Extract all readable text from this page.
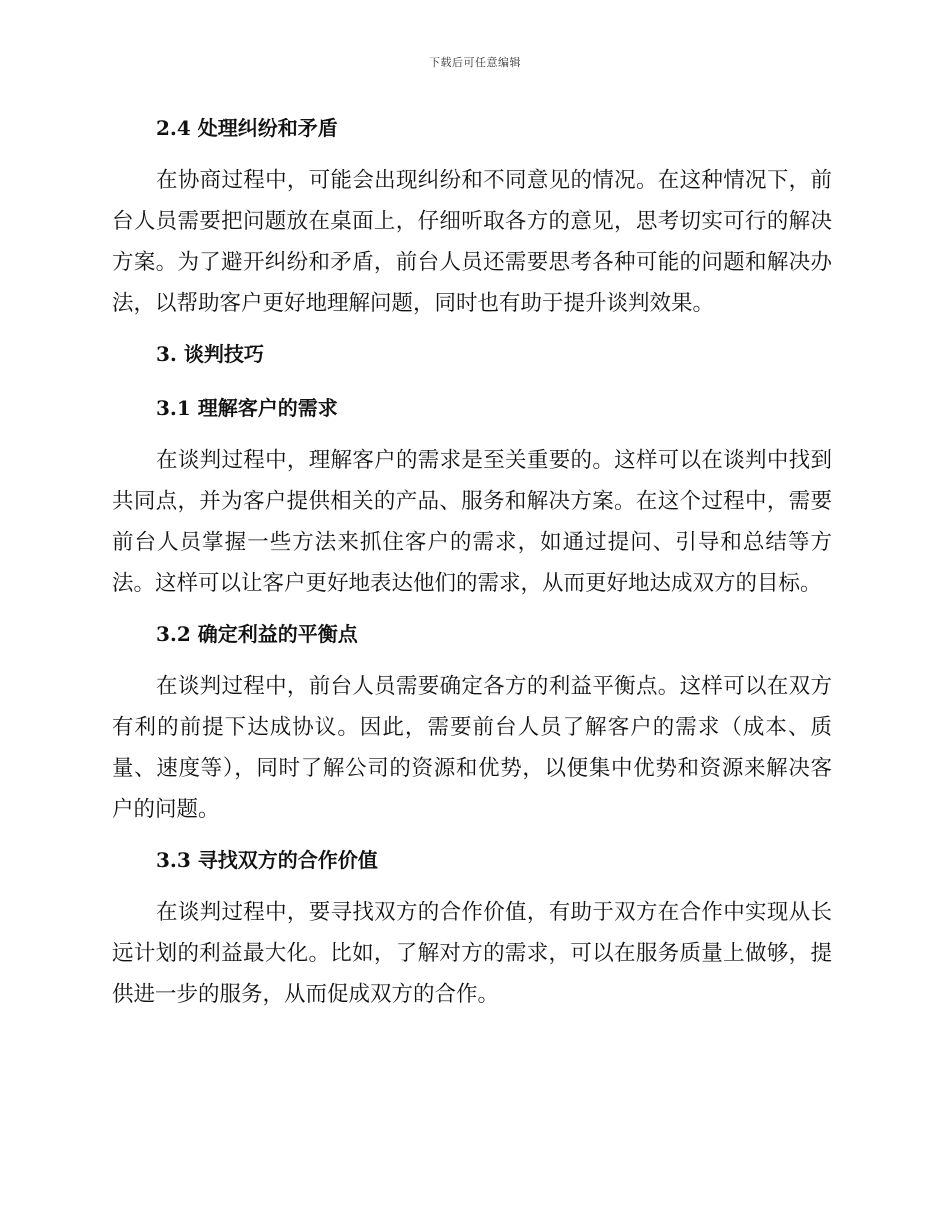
下载后可任意编辑
2.4 处理纠纷和矛盾

在协商过程中，可能会出现纠纷和不同意见的情况。在这种情况下，前台人员需要把问题放在桌面上，仔细听取各方的意见，思考切实可行的解决方案。为了避开纠纷和矛盾，前台人员还需要思考各种可能的问题和解决办法，以帮助客户更好地理解问题，同时也有助于提升谈判效果。

3. 谈判技巧
3.1 理解客户的需求

在谈判过程中，理解客户的需求是至关重要的。这样可以在谈判中找到共同点，并为客户提供相关的产品、服务和解决方案。在这个过程中，需要前台人员掌握一些方法来抓住客户的需求，如通过提问、引导和总结等方法。这样可以让客户更好地表达他们的需求，从而更好地达成双方的目标。

3.2 确定利益的平衡点

在谈判过程中，前台人员需要确定各方的利益平衡点。这样可以在双方有利的前提下达成协议。因此，需要前台人员了解客户的需求（成本、质量、速度等），同时了解公司的资源和优势，以便集中优势和资源来解决客户的问题。

3.3 寻找双方的合作价值

在谈判过程中，要寻找双方的合作价值，有助于双方在合作中实现从长远计划的利益最大化。比如，了解对方的需求，可以在服务质量上做够，提供进一步的服务，从而促成双方的合作。
